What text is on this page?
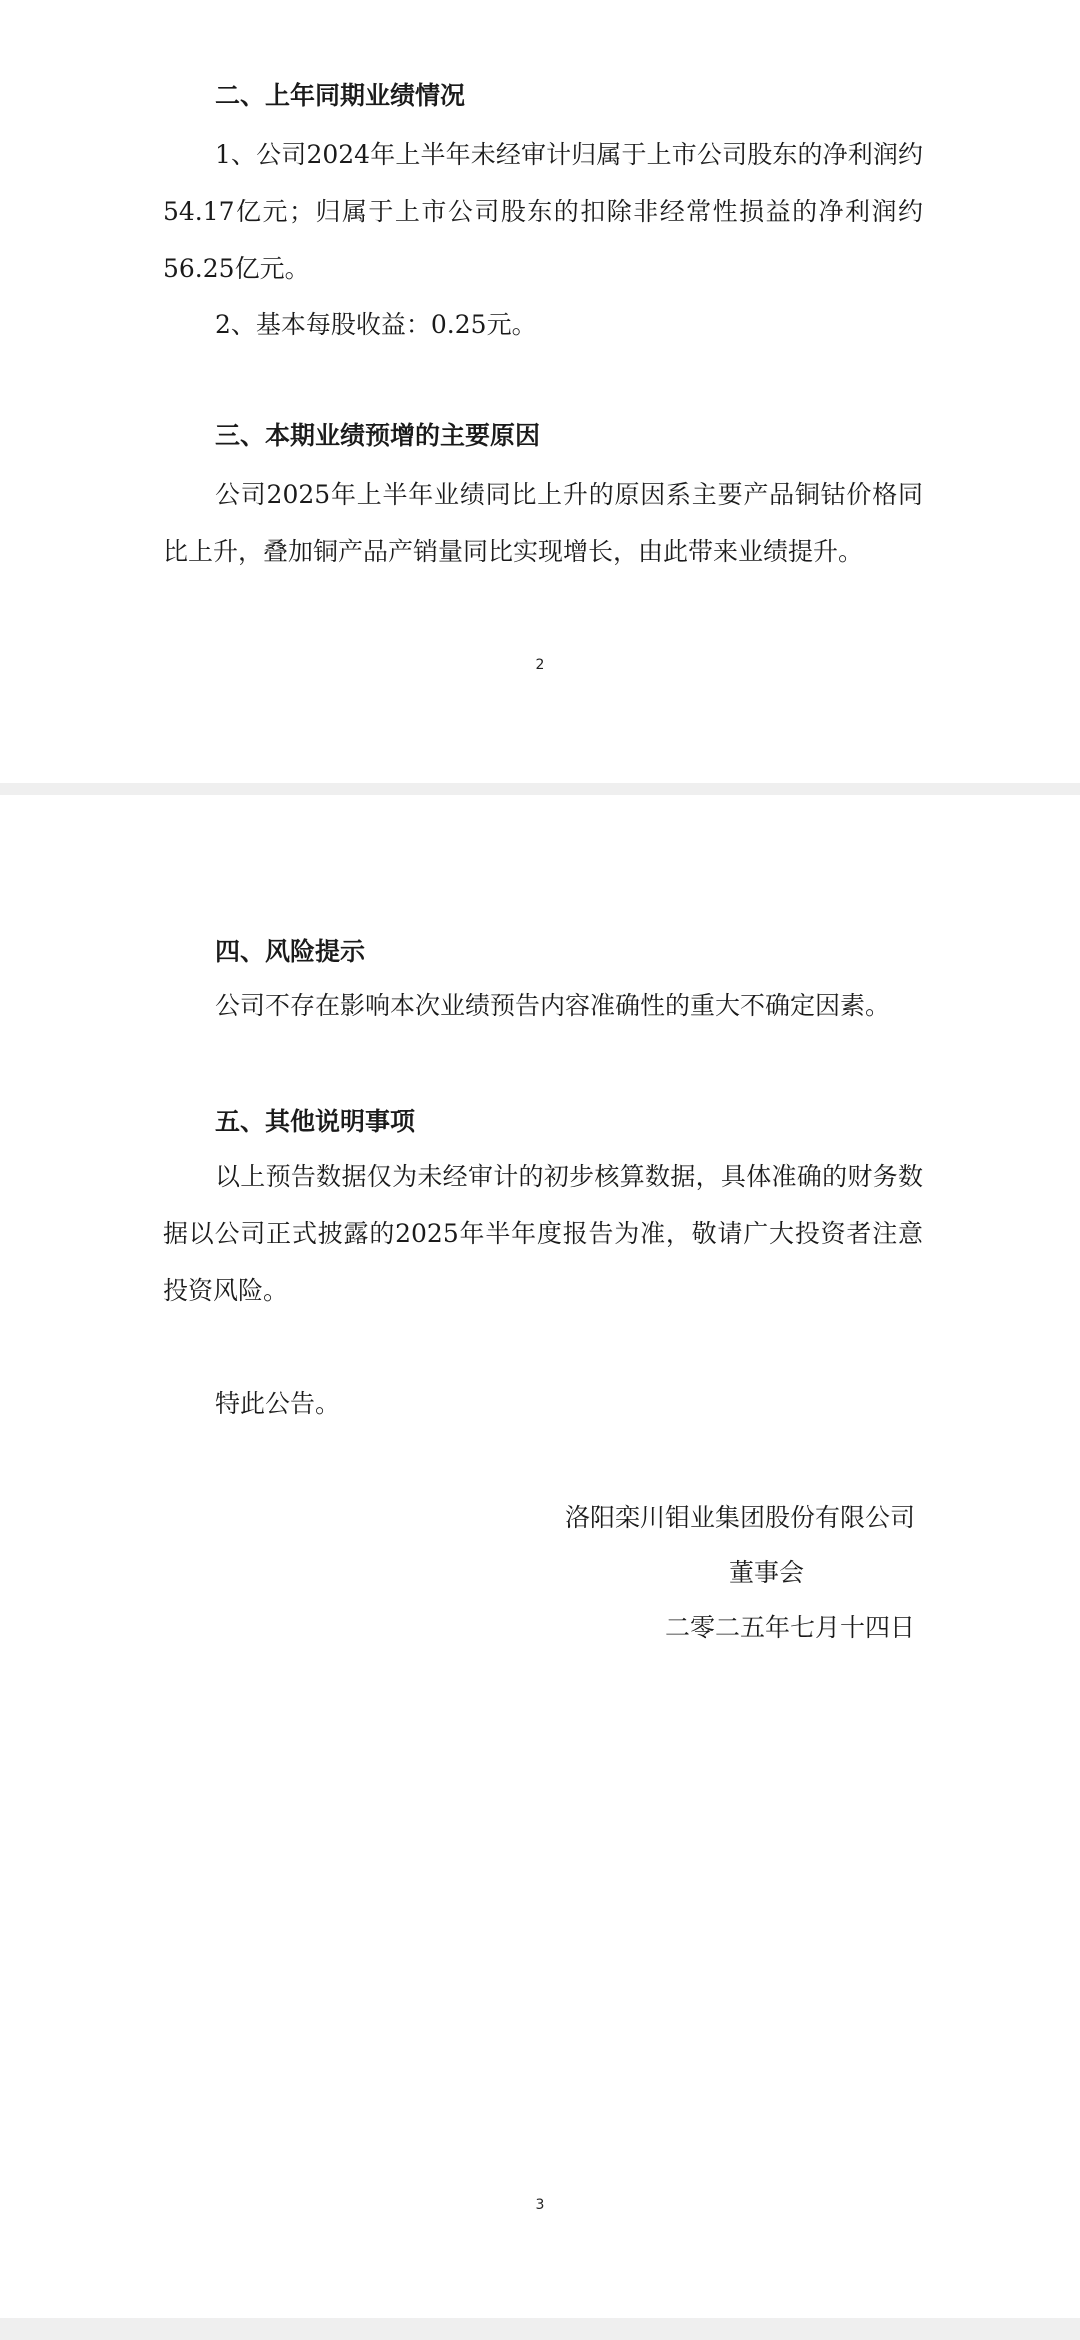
二、上年同期业绩情况

1、公司2024年上半年未经审计归属于上市公司股东的净利润约54.17亿元；归属于上市公司股东的扣除非经常性损益的净利润约56.25亿元。

2、基本每股收益：0.25元。

三、本期业绩预增的主要原因

公司2025年上半年业绩同比上升的原因系主要产品铜钴价格同比上升，叠加铜产品产销量同比实现增长，由此带来业绩提升。

2
四、风险提示

公司不存在影响本次业绩预告内容准确性的重大不确定因素。

五、其他说明事项

以上预告数据仅为未经审计的初步核算数据，具体准确的财务数据以公司正式披露的2025年半年度报告为准，敬请广大投资者注意投资风险。

特此公告。

洛阳栾川钼业集团股份有限公司
董事会
二零二五年七月十四日
3
